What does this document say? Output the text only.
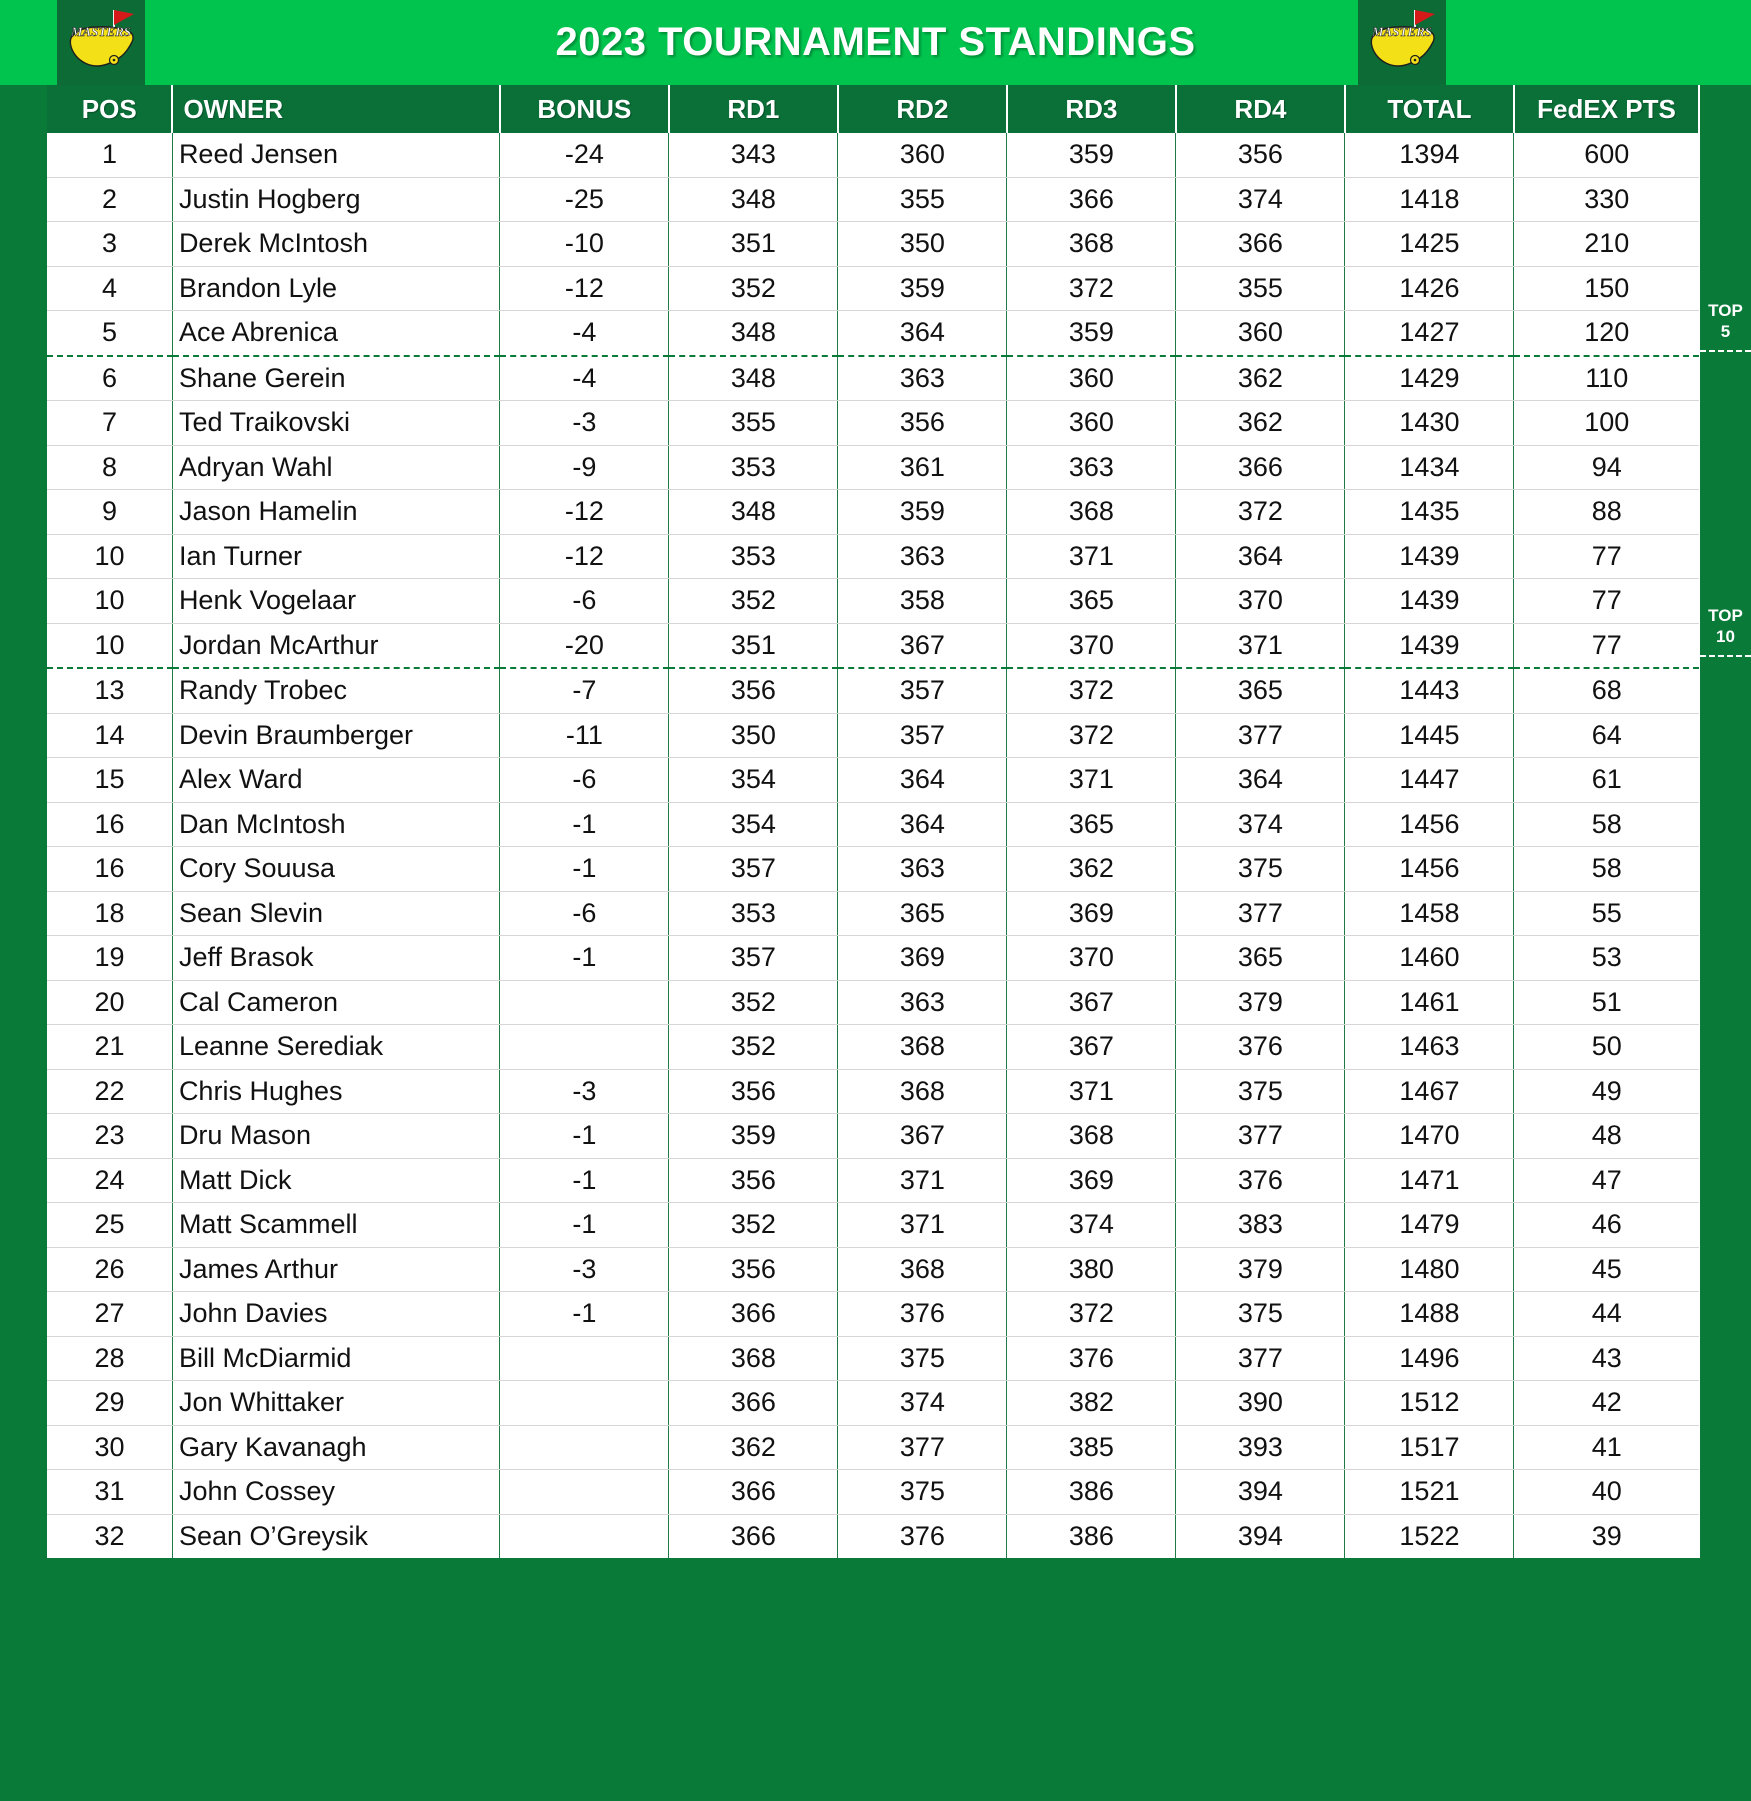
2023 TOURNAMENT STANDINGS
MASTERS	MASTERS
POS	OWNER	BONUS	RD1	RD2	RD3	RD4	TOTAL	FedEX PTS
1	Reed Jensen	-24	343	360	359	356	1394	600
2	Justin Hogberg	-25	348	355	366	374	1418	330
3	Derek McIntosh	-10	351	350	368	366	1425	210
4	Brandon Lyle	-12	352	359	372	355	1426	150
5	Ace Abrenica	-4	348	364	359	360	1427	120
6	Shane Gerein	-4	348	363	360	362	1429	110
7	Ted Traikovski	-3	355	356	360	362	1430	100
8	Adryan Wahl	-9	353	361	363	366	1434	94
9	Jason Hamelin	-12	348	359	368	372	1435	88
10	Ian Turner	-12	353	363	371	364	1439	77
10	Henk Vogelaar	-6	352	358	365	370	1439	77
10	Jordan McArthur	-20	351	367	370	371	1439	77
13	Randy Trobec	-7	356	357	372	365	1443	68
14	Devin Braumberger	-11	350	357	372	377	1445	64
15	Alex Ward	-6	354	364	371	364	1447	61
16	Dan McIntosh	-1	354	364	365	374	1456	58
16	Cory Souusa	-1	357	363	362	375	1456	58
18	Sean Slevin	-6	353	365	369	377	1458	55
19	Jeff Brasok	-1	357	369	370	365	1460	53
20	Cal Cameron		352	363	367	379	1461	51
21	Leanne Serediak		352	368	367	376	1463	50
22	Chris Hughes	-3	356	368	371	375	1467	49
23	Dru Mason	-1	359	367	368	377	1470	48
24	Matt Dick	-1	356	371	369	376	1471	47
25	Matt Scammell	-1	352	371	374	383	1479	46
26	James Arthur	-3	356	368	380	379	1480	45
27	John Davies	-1	366	376	372	375	1488	44
28	Bill McDiarmid		368	375	376	377	1496	43
29	Jon Whittaker		366	374	382	390	1512	42
30	Gary Kavanagh		362	377	385	393	1517	41
31	John Cossey		366	375	386	394	1521	40
32	Sean O’Greysik		366	376	386	394	1522	39
TOP
5
TOP
10
